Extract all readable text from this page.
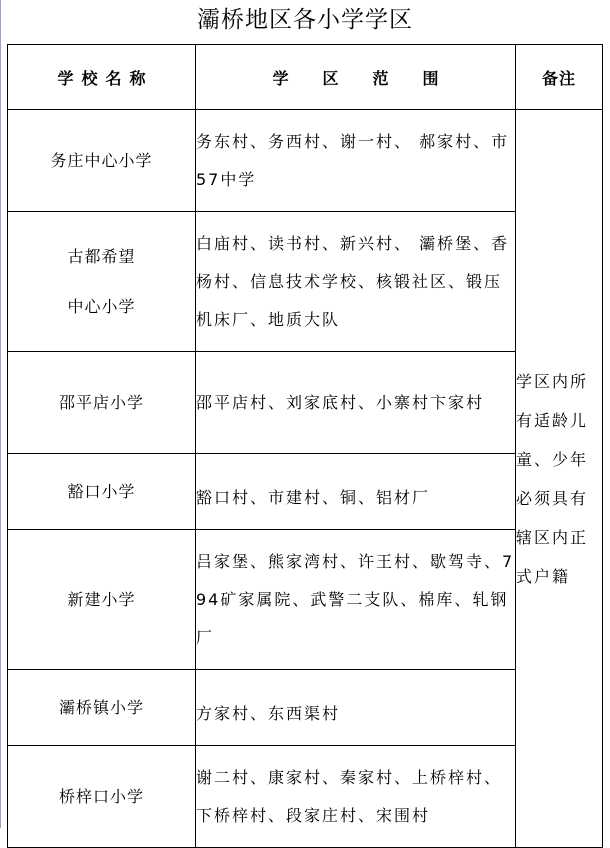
灞桥地区各小学学区
学校名称	学区范围	备注

务庄中心小学	务东村、务西村、谢一村、 郝家村、市57中学	学区内所有适龄儿童、少年必须具有辖区内正式户籍

古都希望
中心小学	白庙村、读书村、新兴村、 灞桥堡、香杨村、信息技术学校、核锻社区、锻压机床厂、地质大队	

邵平店小学	邵平店村、刘家底村、小寨村卞家村	

豁口小学	豁口村、市建村、铜、铝材厂	

新建小学	吕家堡、熊家湾村、许王村、歇驾寺、794矿家属院、武警二支队、棉库、轧钢厂	

灞桥镇小学	方家村、东西渠村	

桥梓口小学	谢二村、康家村、秦家村、上桥梓村、下桥梓村、段家庄村、宋围村	
